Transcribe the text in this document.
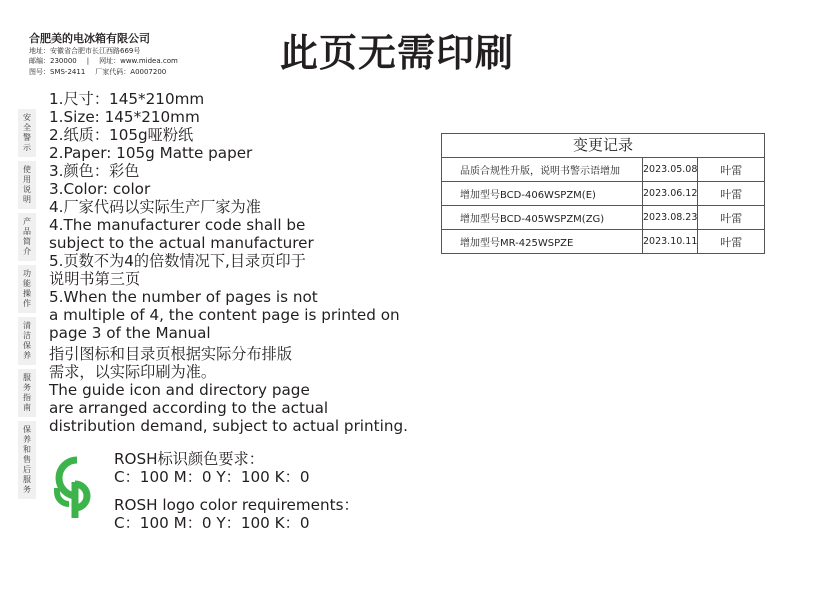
合肥美的电冰箱有限公司
地址：安徽省合肥市长江西路669号
邮编：230000 | 网址：www.midea.com
图号：SMS-2411 厂家代码：A0007200	此页无需印刷
安
全
警
示
使
用
说
明
产
品
简
介
功
能
操
作
清
洁
保
养
服
务
指
南
保
养
和
售
后
服
务
1.尺寸：145*210mm
1.Size: 145*210mm
2.纸质：105g哑粉纸
2.Paper: 105g Matte paper
3.颜色：彩色
3.Color: color
4.厂家代码以实际生产厂家为准
4.The manufacturer code shall be
subject to the actual manufacturer
5.页数不为4的倍数情况下,目录页印于
说明书第三页
5.When the number of pages is not
a multiple of 4, the content page is printed on
page 3 of the Manual
指引图标和目录页根据实际分布排版
需求，以实际印刷为准。
The guide icon and directory page
are arranged according to the actual
distribution demand, subject to actual printing.
ROSH标识颜色要求：
C：100 M：0 Y：100 K：0
ROSH logo color requirements：
C：100 M：0 Y：100 K：0
变更记录
品质合规性升版，说明书警示语增加	2023.05.08	叶雷
增加型号BCD-406WSPZM(E)	2023.06.12	叶雷
增加型号BCD-405WSPZM(ZG)	2023.08.23	叶雷
增加型号MR-425WSPZE	2023.10.11	叶雷
